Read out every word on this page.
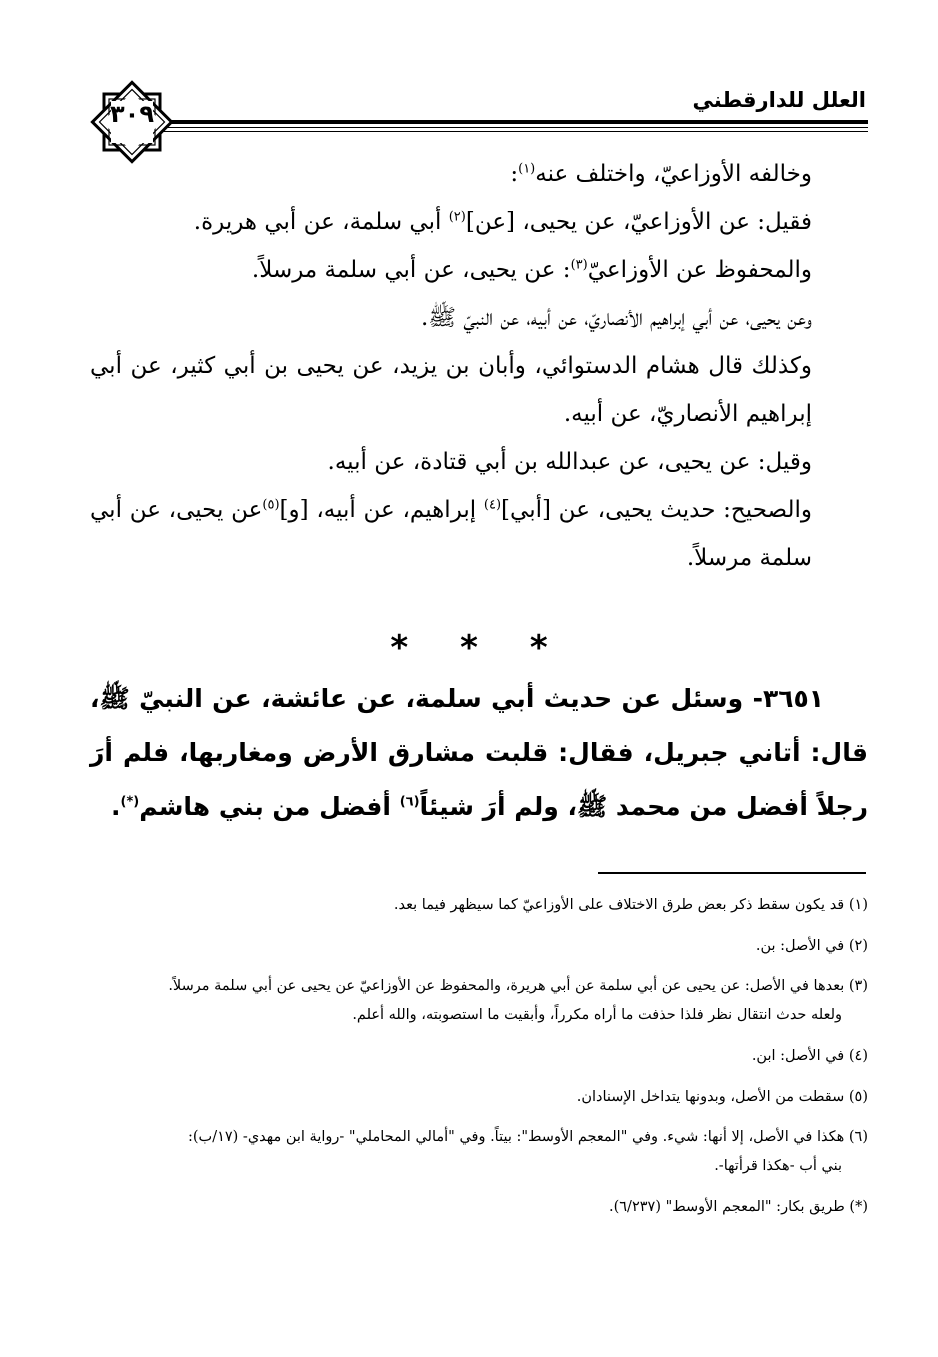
العلل للدارقطني
٣٠٩

وخالفه الأوزاعيّ، واختلف عنه$^{(١)}$:

فقيل: عن الأوزاعيّ، عن يحيى، [عن]$^{(٢)}$ أبي سلمة، عن أبي هريرة.

والمحفوظ عن الأوزاعيّ$^{(٣)}$: عن يحيى، عن أبي سلمة مرسلاً.

وعن يحيى، عن أبي إبراهيم الأنصاريّ، عن أبيه، عن النبيّ ﷺ.

وكذلك قال هشام الدستوائي، وأبان بن يزيد، عن يحيى بن أبي كثير، عن أبي إبراهيم الأنصاريّ، عن أبيه.

وقيل: عن يحيى، عن عبدالله بن أبي قتادة، عن أبيه.

والصحيح: حديث يحيى، عن [أبي]$^{(٤)}$ إبراهيم، عن أبيه، [و]$^{(٥)}$عن يحيى، عن أبي سلمة مرسلاً.

* * *
٣٦٥١- وسئل عن حديث أبي سلمة، عن عائشة، عن النبيّ ﷺ، قال: أتاني جبريل، فقال: قلبت مشارق الأرض ومغاربها، فلم أرَ رجلاً أفضل من محمد ﷺ، ولم أرَ شيئاً$^{(٦)}$ أفضل من بني هاشم(*).
(١) قد يكون سقط ذكر بعض طرق الاختلاف على الأوزاعيّ كما سيظهر فيما بعد.
(٢) في الأصل: بن.
(٣) بعدها في الأصل: عن يحيى عن أبي سلمة عن أبي هريرة، والمحفوظ عن الأوزاعيّ عن يحيى عن أبي سلمة مرسلاً.
ولعله حدث انتقال نظر فلذا حذفت ما أراه مكرراً، وأبقيت ما استصوبته، والله أعلم.
(٤) في الأصل: ابن.
(٥) سقطت من الأصل، وبدونها يتداخل الإسنادان.
(٦) هكذا في الأصل، إلا أنها: شيء. وفي "المعجم الأوسط": بيتاً. وفي "أمالي المحاملي" -رواية ابن مهدي- (١٧/ب):
بني أب -هكذا قرأتها-.
(*) طريق بكار: "المعجم الأوسط" (٦/٢٣٧).
